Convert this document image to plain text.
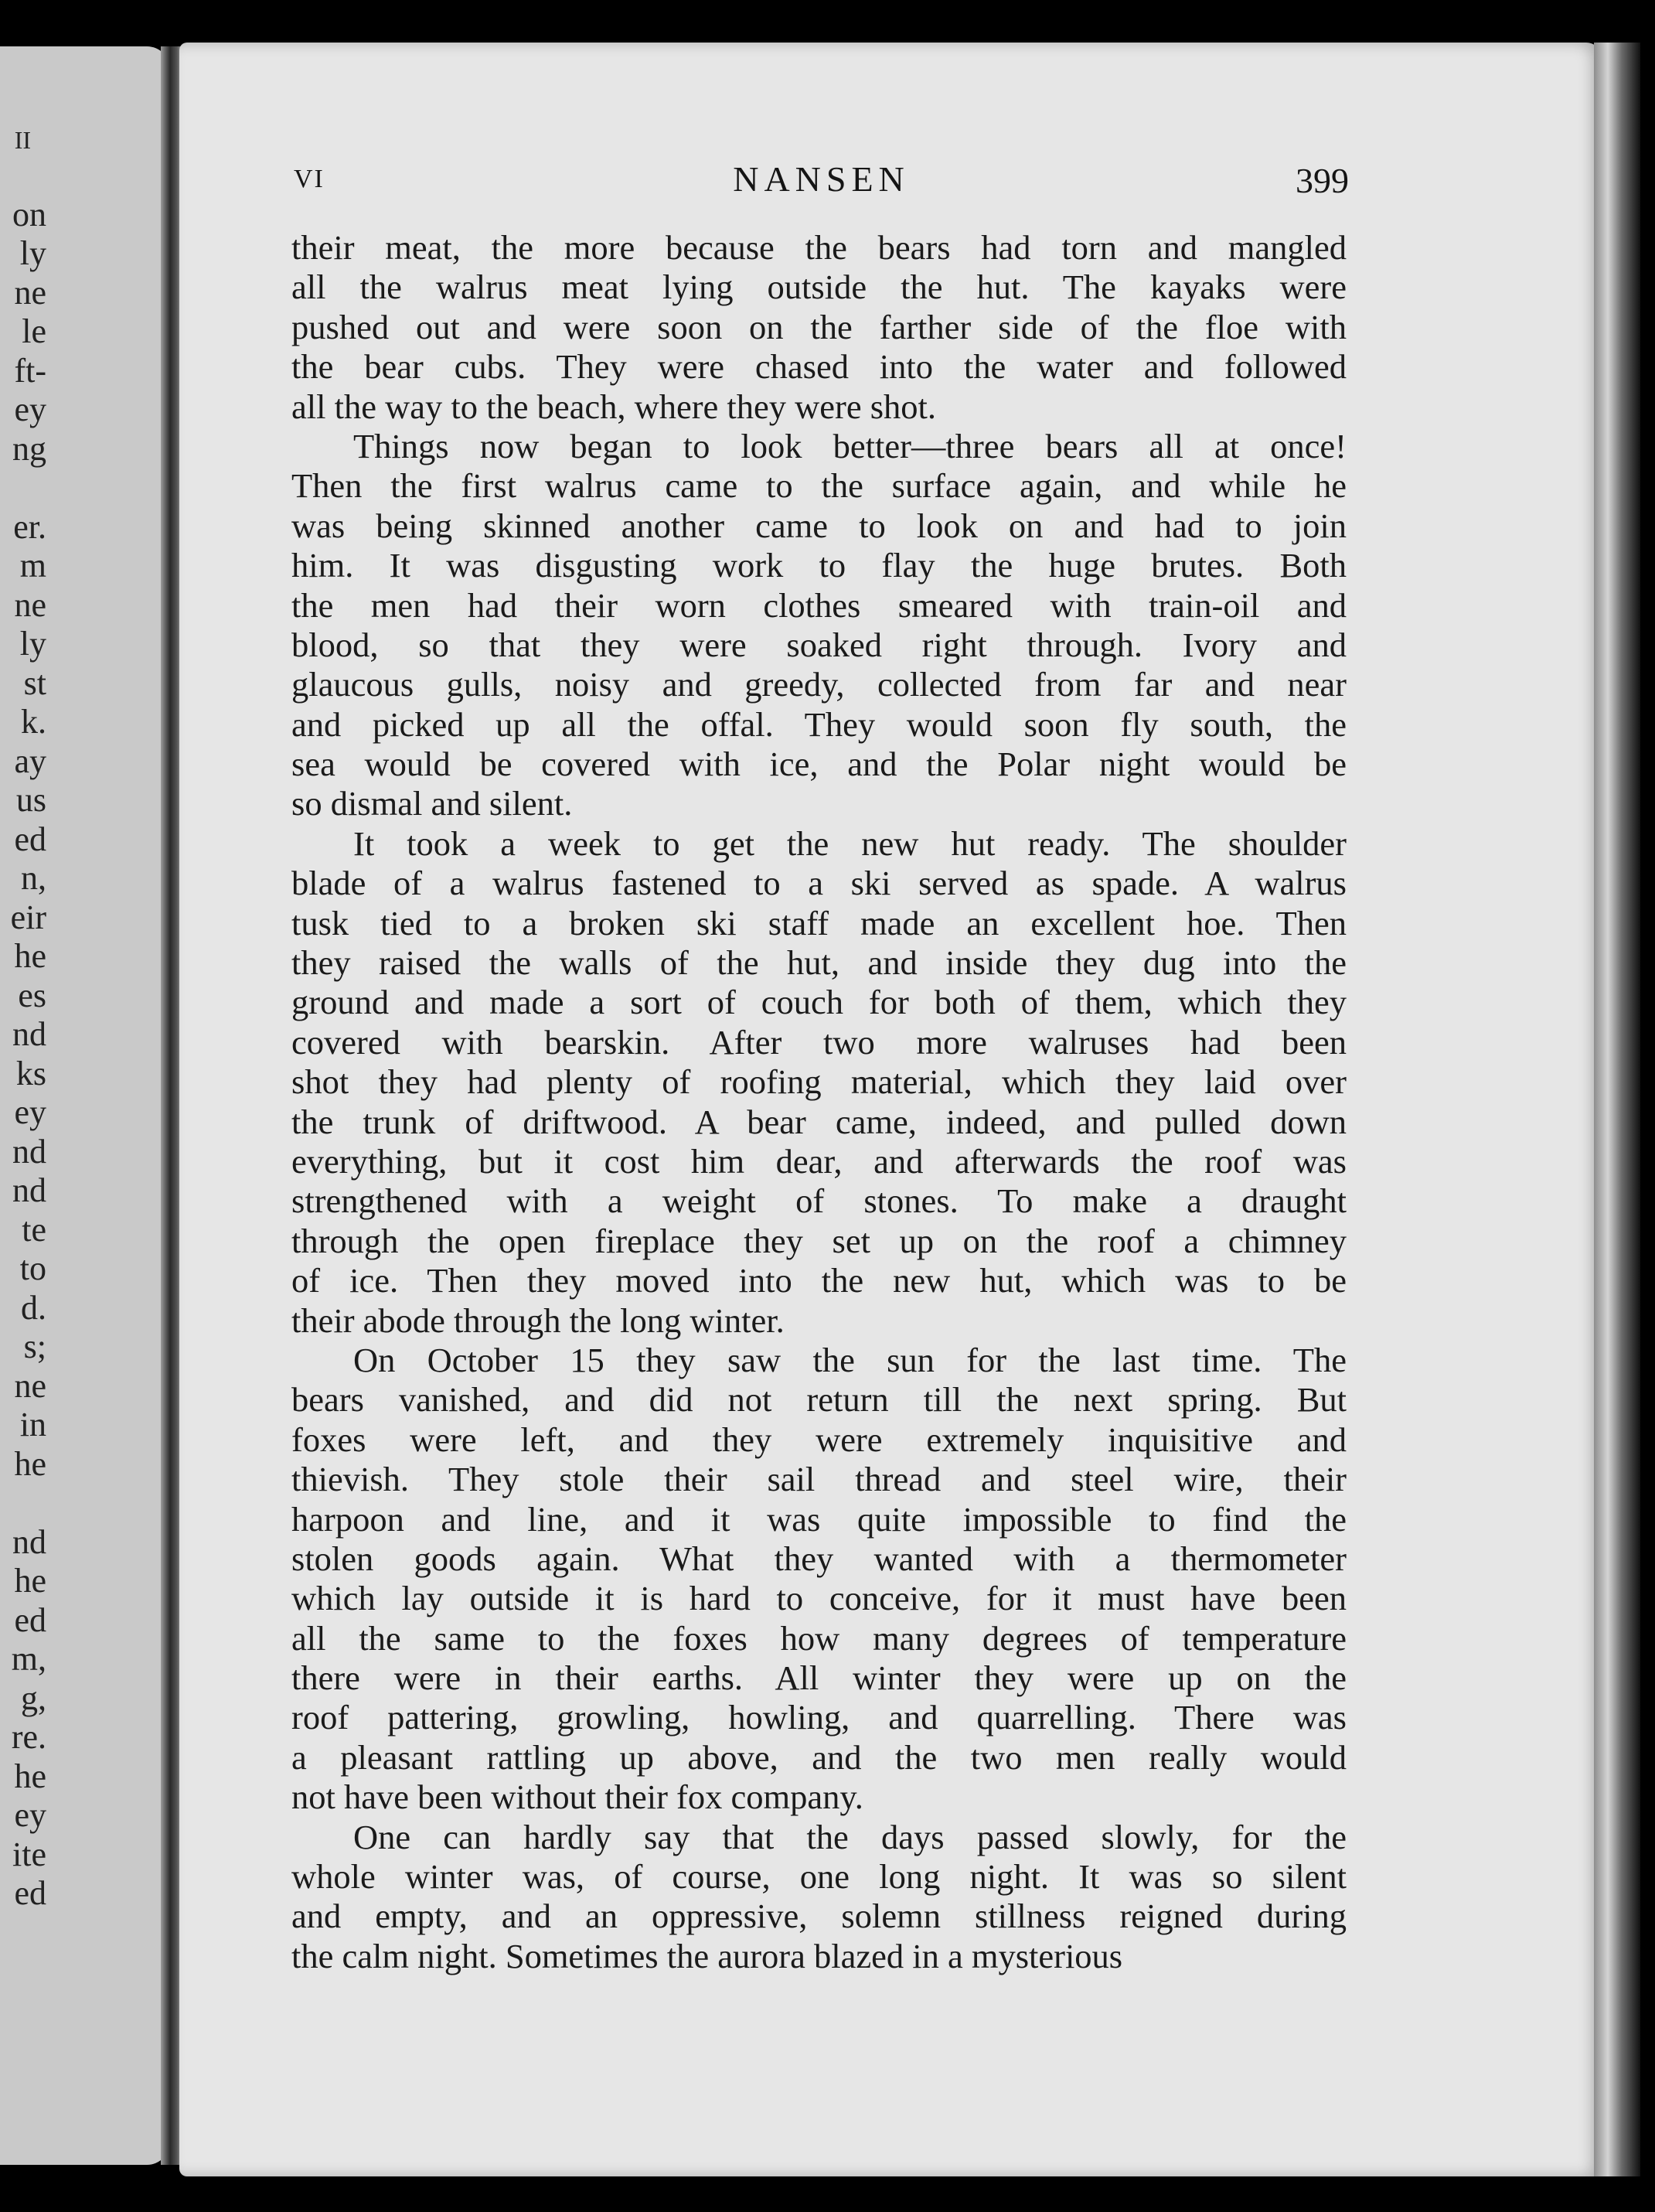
II
on
ly
ne
le
ft-
ey
ng
er.
m
ne
ly
st
k.
ay
us
ed
n,
eir
he
es
nd
ks
ey
nd
nd
te
to
d.
s;
ne
in
he
nd
he
ed
m,
g,
re.
he
ey
ite
ed
VI	NANSEN	399
their meat, the more because the bears had torn and mangled
all the walrus meat lying outside the hut. The kayaks were
pushed out and were soon on the farther side of the floe with
the bear cubs. They were chased into the water and followed
all the way to the beach, where they were shot.
Things now began to look better—three bears all at once!
Then the first walrus came to the surface again, and while he
was being skinned another came to look on and had to join
him. It was disgusting work to flay the huge brutes. Both
the men had their worn clothes smeared with train-oil and
blood, so that they were soaked right through. Ivory and
glaucous gulls, noisy and greedy, collected from far and near
and picked up all the offal. They would soon fly south, the
sea would be covered with ice, and the Polar night would be
so dismal and silent.
It took a week to get the new hut ready. The shoulder
blade of a walrus fastened to a ski served as spade. A walrus
tusk tied to a broken ski staff made an excellent hoe. Then
they raised the walls of the hut, and inside they dug into the
ground and made a sort of couch for both of them, which they
covered with bearskin. After two more walruses had been
shot they had plenty of roofing material, which they laid over
the trunk of driftwood. A bear came, indeed, and pulled down
everything, but it cost him dear, and afterwards the roof was
strengthened with a weight of stones. To make a draught
through the open fireplace they set up on the roof a chimney
of ice. Then they moved into the new hut, which was to be
their abode through the long winter.
On October 15 they saw the sun for the last time. The
bears vanished, and did not return till the next spring. But
foxes were left, and they were extremely inquisitive and
thievish. They stole their sail thread and steel wire, their
harpoon and line, and it was quite impossible to find the
stolen goods again. What they wanted with a thermometer
which lay outside it is hard to conceive, for it must have been
all the same to the foxes how many degrees of temperature
there were in their earths. All winter they were up on the
roof pattering, growling, howling, and quarrelling. There was
a pleasant rattling up above, and the two men really would
not have been without their fox company.
One can hardly say that the days passed slowly, for the
whole winter was, of course, one long night. It was so silent
and empty, and an oppressive, solemn stillness reigned during
the calm night. Sometimes the aurora blazed in a mysterious
